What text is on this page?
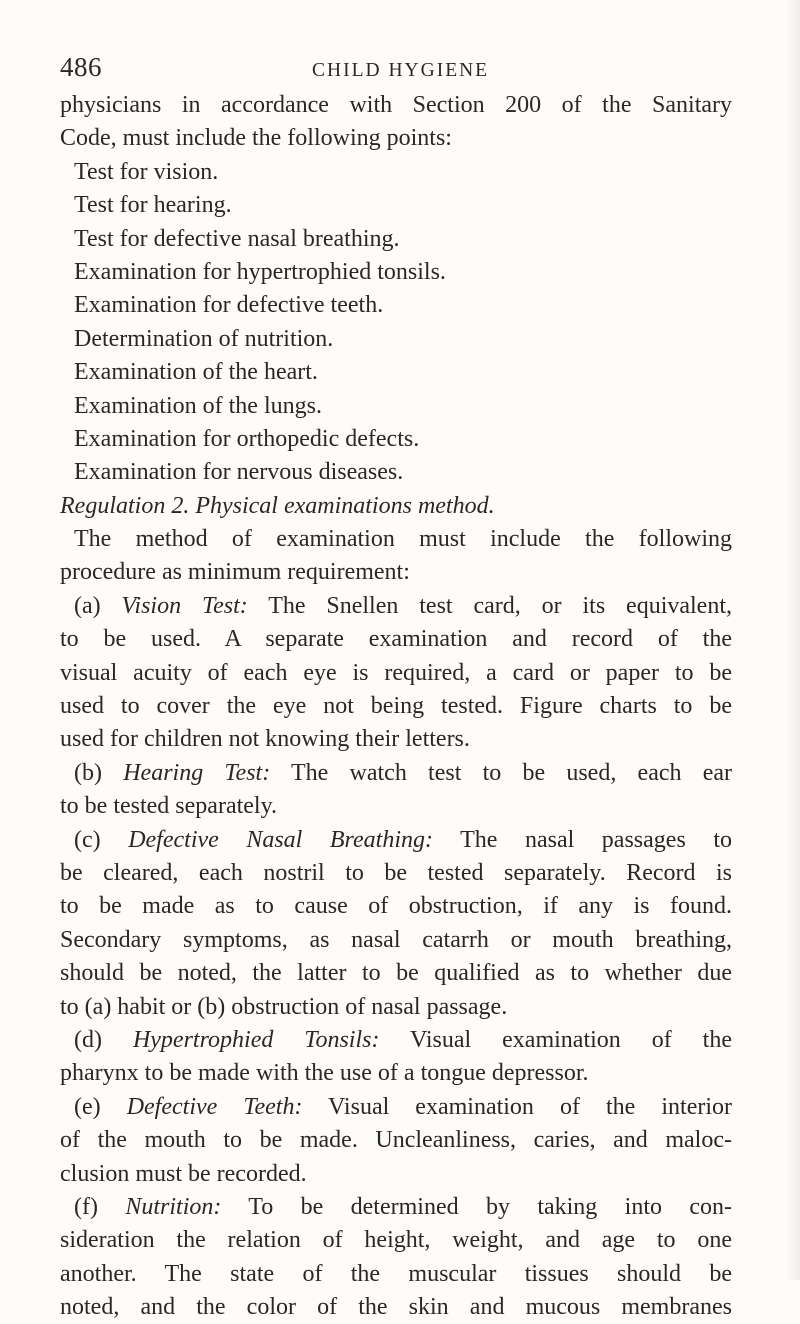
486	CHILD HYGIENE
physicians in accordance with Section 200 of the Sanitary
Code, must include the following points:
Test for vision.
Test for hearing.
Test for defective nasal breathing.
Examination for hypertrophied tonsils.
Examination for defective teeth.
Determination of nutrition.
Examination of the heart.
Examination of the lungs.
Examination for orthopedic defects.
Examination for nervous diseases.
Regulation 2. Physical examinations method.
The method of examination must include the following
procedure as minimum requirement:
(a) Vision Test: The Snellen test card, or its equivalent,
to be used. A separate examination and record of the
visual acuity of each eye is required, a card or paper to be
used to cover the eye not being tested. Figure charts to be
used for children not knowing their letters.
(b) Hearing Test: The watch test to be used, each ear
to be tested separately.
(c) Defective Nasal Breathing: The nasal passages to
be cleared, each nostril to be tested separately. Record is
to be made as to cause of obstruction, if any is found.
Secondary symptoms, as nasal catarrh or mouth breathing,
should be noted, the latter to be qualified as to whether due
to (a) habit or (b) obstruction of nasal passage.
(d) Hypertrophied Tonsils: Visual examination of the
pharynx to be made with the use of a tongue depressor.
(e) Defective Teeth: Visual examination of the interior
of the mouth to be made. Uncleanliness, caries, and maloc-
clusion must be recorded.
(f) Nutrition: To be determined by taking into con-
sideration the relation of height, weight, and age to one
another. The state of the muscular tissues should be
noted, and the color of the skin and mucous membranes
